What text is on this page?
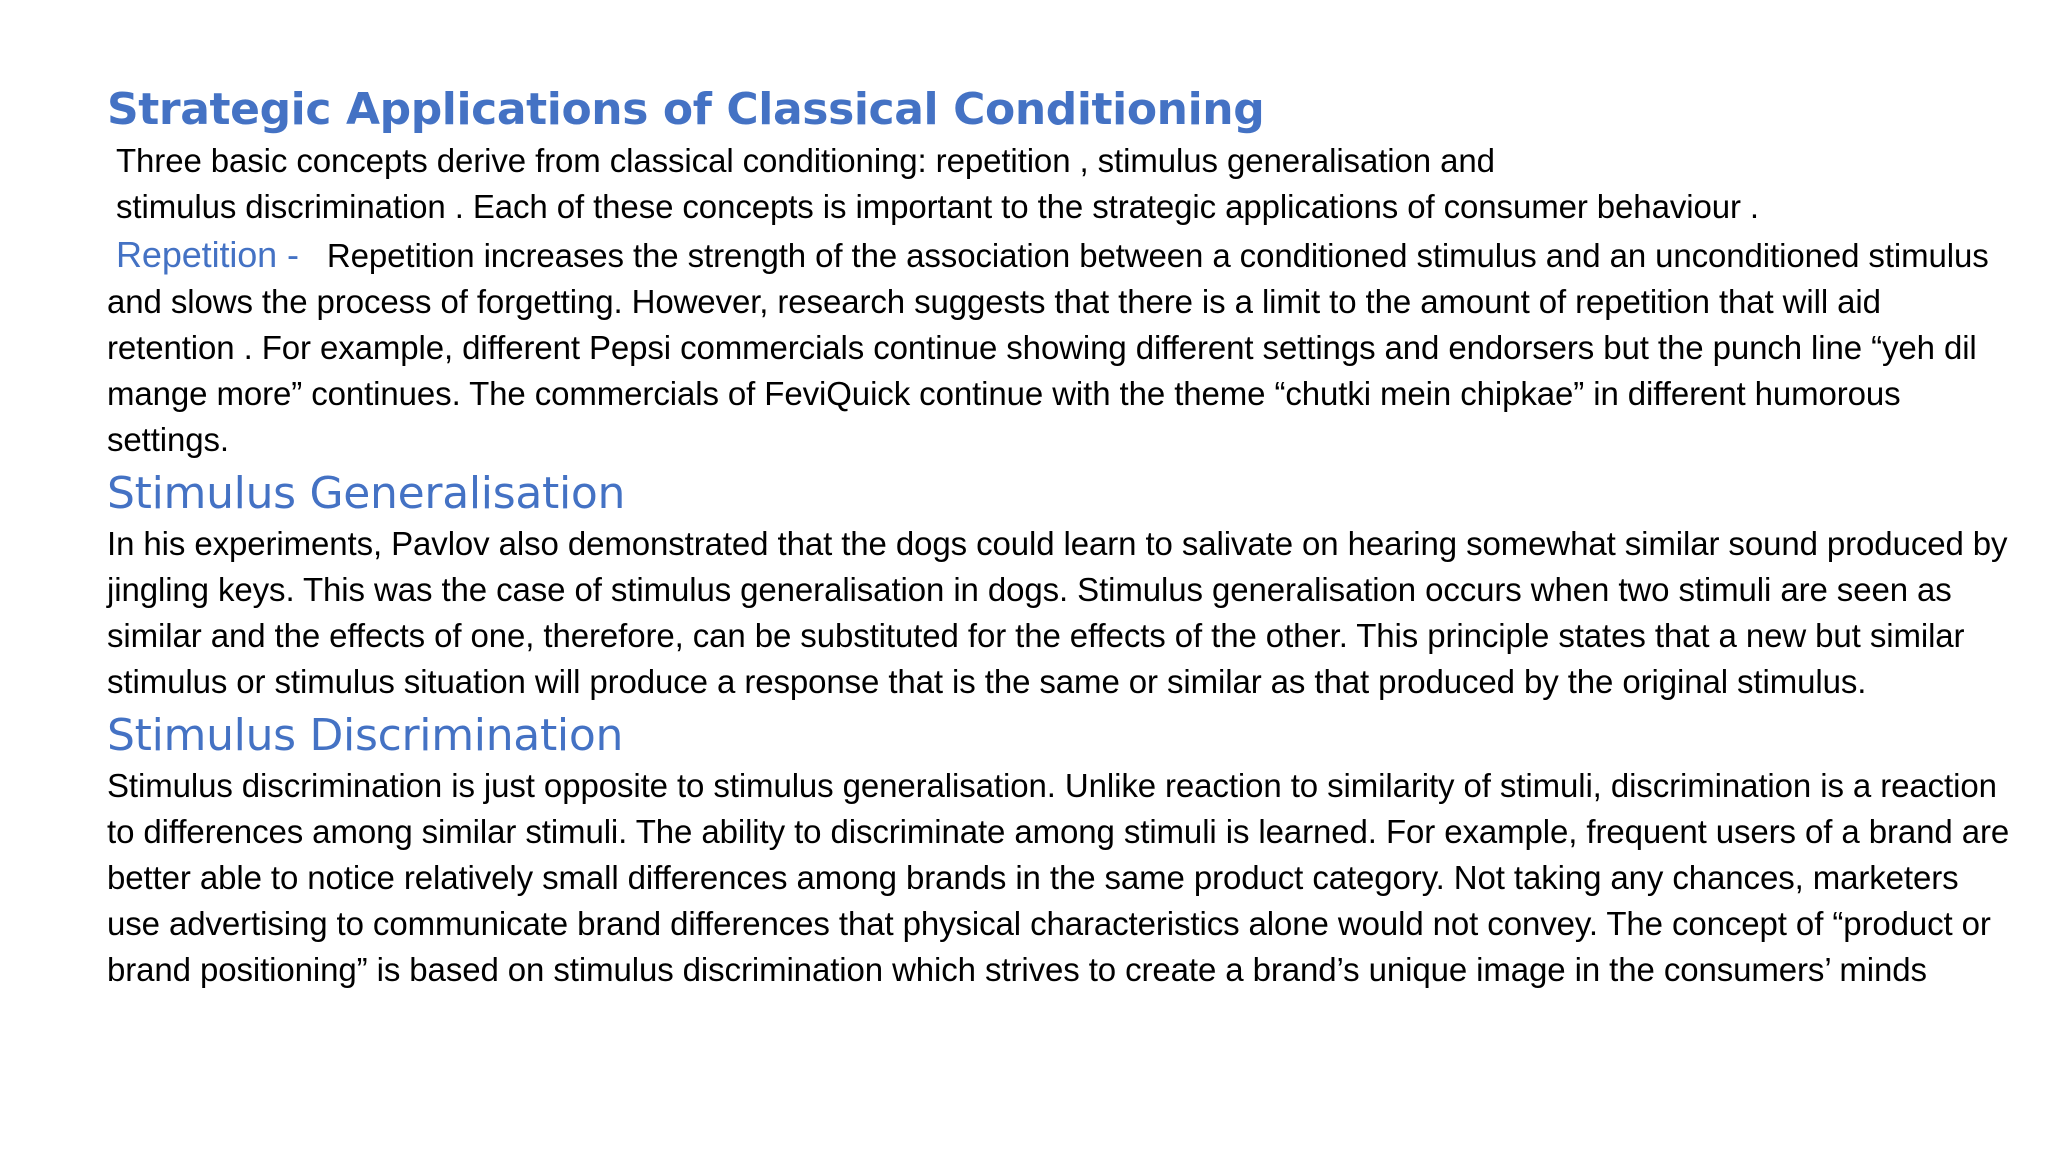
Strategic Applications of Classical Conditioning

Three basic concepts derive from classical conditioning: repetition , stimulus generalisation and
stimulus discrimination . Each of these concepts is important to the strategic applications of consumer behaviour .

Repetition - Repetition increases the strength of the association between a conditioned stimulus and an unconditioned stimulus and slows the process of forgetting. However, research suggests that there is a limit to the amount of repetition that will aid retention . For example, different Pepsi commercials continue showing different settings and endorsers but the punch line “yeh dil mange more” continues. The commercials of FeviQuick continue with the theme “chutki mein chipkae” in different humorous settings.

Stimulus Generalisation

In his experiments, Pavlov also demonstrated that the dogs could learn to salivate on hearing somewhat similar sound produced by jingling keys. This was the case of stimulus generalisation in dogs. Stimulus generalisation occurs when two stimuli are seen as similar and the effects of one, therefore, can be substituted for the effects of the other. This principle states that a new but similar stimulus or stimulus situation will produce a response that is the same or similar as that produced by the original stimulus.

Stimulus Discrimination

Stimulus discrimination is just opposite to stimulus generalisation. Unlike reaction to similarity of stimuli, discrimination is a reaction to differences among similar stimuli. The ability to discriminate among stimuli is learned. For example, frequent users of a brand are better able to notice relatively small differences among brands in the same product category. Not taking any chances, marketers use advertising to communicate brand differences that physical characteristics alone would not convey. The concept of “product or brand positioning” is based on stimulus discrimination which strives to create a brand’s unique image in the consumers’ minds
